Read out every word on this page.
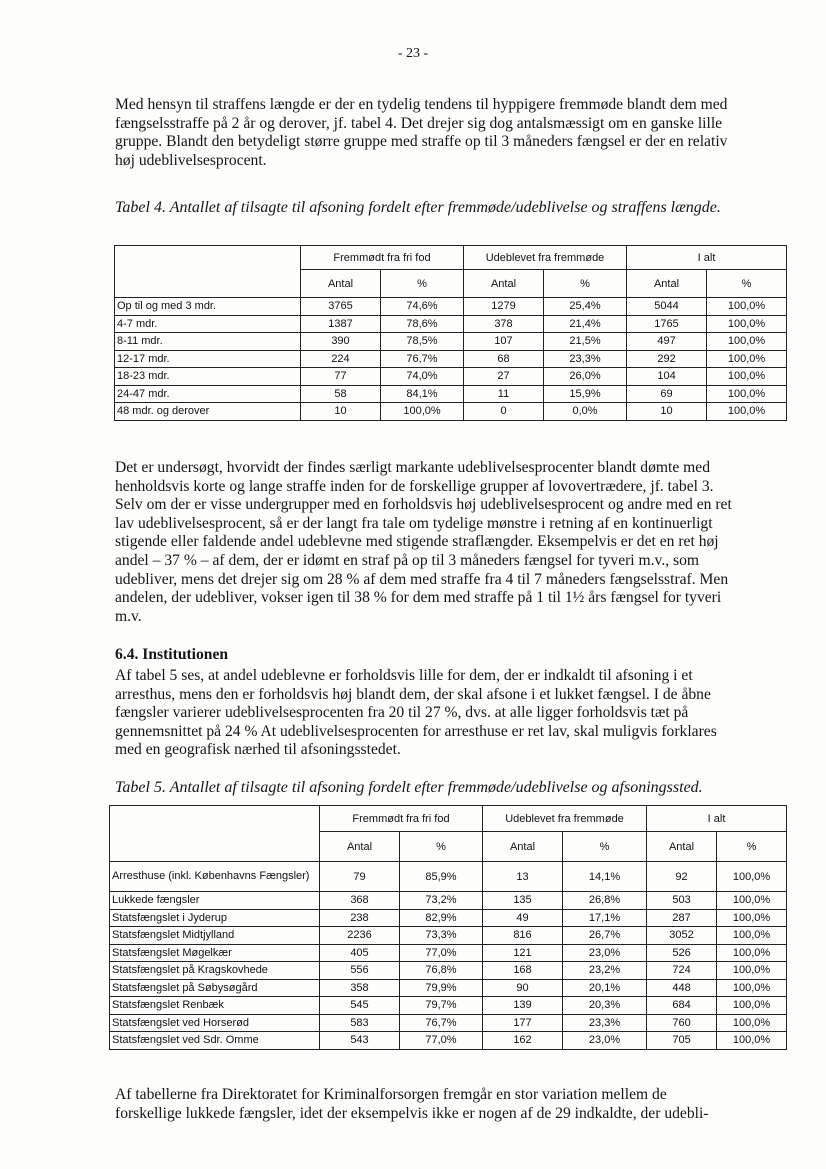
- 23 -

Med hensyn til straffens længde er der en tydelig tendens til hyppigere fremmøde blandt dem med fængselsstraffe på 2 år og derover, jf. tabel 4. Det drejer sig dog antalsmæssigt om en ganske lille gruppe. Blandt den betydeligt større gruppe med straffe op til 3 måneders fængsel er der en relativ høj udeblivelsesprocent.

Tabel 4. Antallet af tilsagte til afsoning fordelt efter fremmøde/udeblivelse og straffens længde.

	Fremmødt fra fri fod		Udeblevet fra fremmøde		I alt	
	Antal	%	Antal	%	Antal	%
Op til og med 3 mdr.	3765	74,6%	1279	25,4%	5044	100,0%
4-7 mdr.	1387	78,6%	378	21,4%	1765	100,0%
8-11 mdr.	390	78,5%	107	21,5%	497	100,0%
12-17 mdr.	224	76,7%	68	23,3%	292	100,0%
18-23 mdr.	77	74,0%	27	26,0%	104	100,0%
24-47 mdr.	58	84,1%	11	15,9%	69	100,0%
48 mdr. og derover	10	100,0%	0	0,0%	10	100,0%

Det er undersøgt, hvorvidt der findes særligt markante udeblivelsesprocenter blandt dømte med henholdsvis korte og lange straffe inden for de forskellige grupper af lovovertrædere, jf. tabel 3. Selv om der er visse undergrupper med en forholdsvis høj udeblivelsesprocent og andre med en ret lav udeblivelsesprocent, så er der langt fra tale om tydelige mønstre i retning af en kontinuerligt stigende eller faldende andel udeblevne med stigende straflængder. Eksempelvis er det en ret høj andel – 37 % – af dem, der er idømt en straf på op til 3 måneders fængsel for tyveri m.v., som udebliver, mens det drejer sig om 28 % af dem med straffe fra 4 til 7 måneders fængselsstraf. Men andelen, der udebliver, vokser igen til 38 % for dem med straffe på 1 til 1½ års fængsel for tyveri m.v.

6.4. Institutionen

Af tabel 5 ses, at andel udeblevne er forholdsvis lille for dem, der er indkaldt til afsoning i et arresthus, mens den er forholdsvis høj blandt dem, der skal afsone i et lukket fængsel. I de åbne fængsler varierer udeblivelsesprocenten fra 20 til 27 %, dvs. at alle ligger forholdsvis tæt på gennemsnittet på 24 % At udeblivelsesprocenten for arresthuse er ret lav, skal muligvis forklares med en geografisk nærhed til afsoningsstedet.

Tabel 5. Antallet af tilsagte til afsoning fordelt efter fremmøde/udeblivelse og afsoningssted.

	Fremmødt fra fri fod		Udeblevet fra fremmøde		I alt	
	Antal	%	Antal	%	Antal	%
Arresthuse (inkl. Københavns Fængsler)	79	85,9%	13	14,1%	92	100,0%
Lukkede fængsler	368	73,2%	135	26,8%	503	100,0%
Statsfængslet i Jyderup	238	82,9%	49	17,1%	287	100,0%
Statsfængslet Midtjylland	2236	73,3%	816	26,7%	3052	100,0%
Statsfængslet Møgelkær	405	77,0%	121	23,0%	526	100,0%
Statsfængslet på Kragskovhede	556	76,8%	168	23,2%	724	100,0%
Statsfængslet på Søbysøgård	358	79,9%	90	20,1%	448	100,0%
Statsfængslet Renbæk	545	79,7%	139	20,3%	684	100,0%
Statsfængslet ved Horserød	583	76,7%	177	23,3%	760	100,0%
Statsfængslet ved Sdr. Omme	543	77,0%	162	23,0%	705	100,0%

Af tabellerne fra Direktoratet for Kriminalforsorgen fremgår en stor variation mellem de forskellige lukkede fængsler, idet der eksempelvis ikke er nogen af de 29 indkaldte, der udebli-
